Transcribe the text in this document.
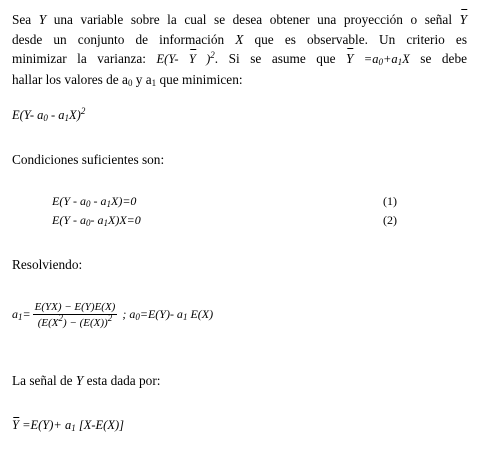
Sea Y una variable sobre la cual se desea obtener una proyección o señal Y
desde un conjunto de información X que es observable. Un criterio es
minimizar la varianza: E(Y- Y )$^2$. Si se asume que $Y =a_0+a_1X$ se debe
hallar los valores de $a_0$ y $a_1$ que minimicen:
E(Y- $a_0 - a_1X)^2$
Condiciones suficientes son:
$E(Y - a_0 - a_1X)=0$	(1)
$E(Y - a_0-$ $a_1X)X=0$	(2)
Resolviendo:
$a_1= \frac{E(YX) - E(Y)E(X)}{(E(X^2) - (E(X))^2}$ ; $a_0=E(Y)-$ $a_1$ E(X)
La señal de Y esta dada por:
$Y =E(Y)+ a_1$ [X-E(X)]
